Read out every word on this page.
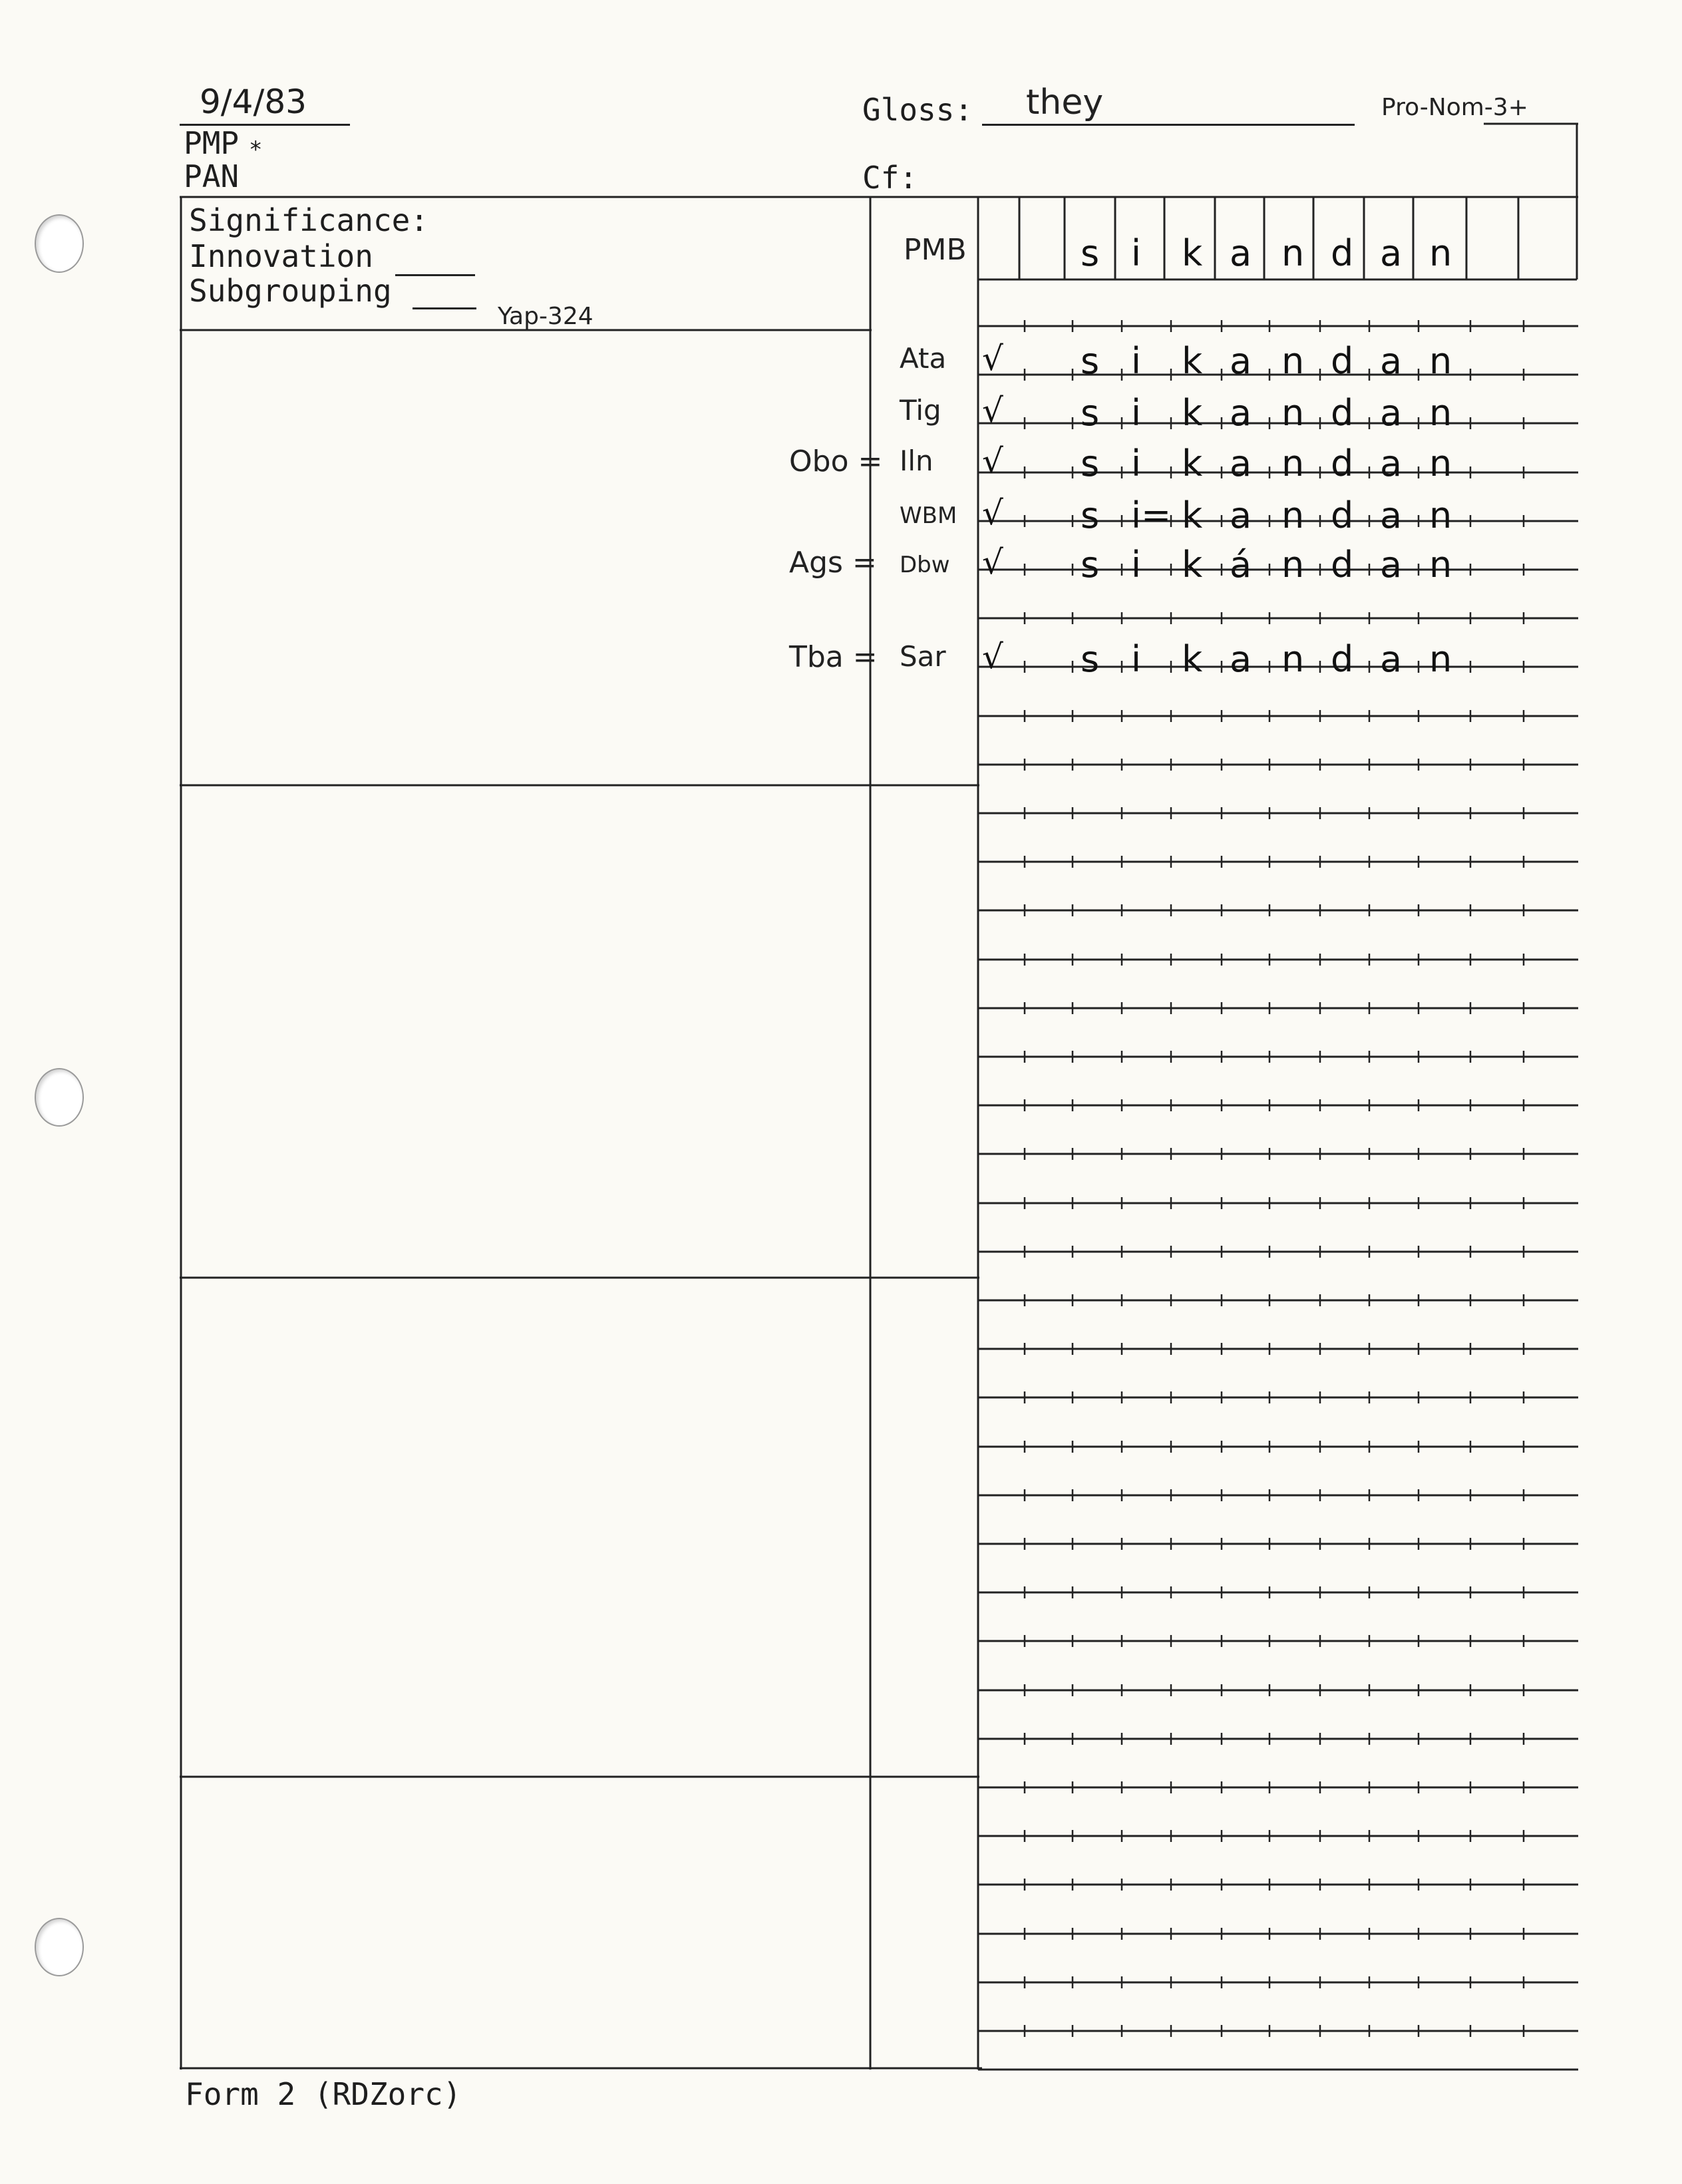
9/4/83
PMP *
PAN
Gloss: they	Pro-Nom-3+
Cf:
Significance:
Innovation
Subgrouping
Yap-324
PMB	s i k a n d a n
Ata √ s i k a n d a n
Tig √ s i k a n d a n
Obo = Iln √ s i k a n d a n
WBM √ s i= k a n d a n
Ags = Dbw √ s i k á n d a n
Tba = Sar √ s i k a n d a n
Form 2 (RDZorc)
